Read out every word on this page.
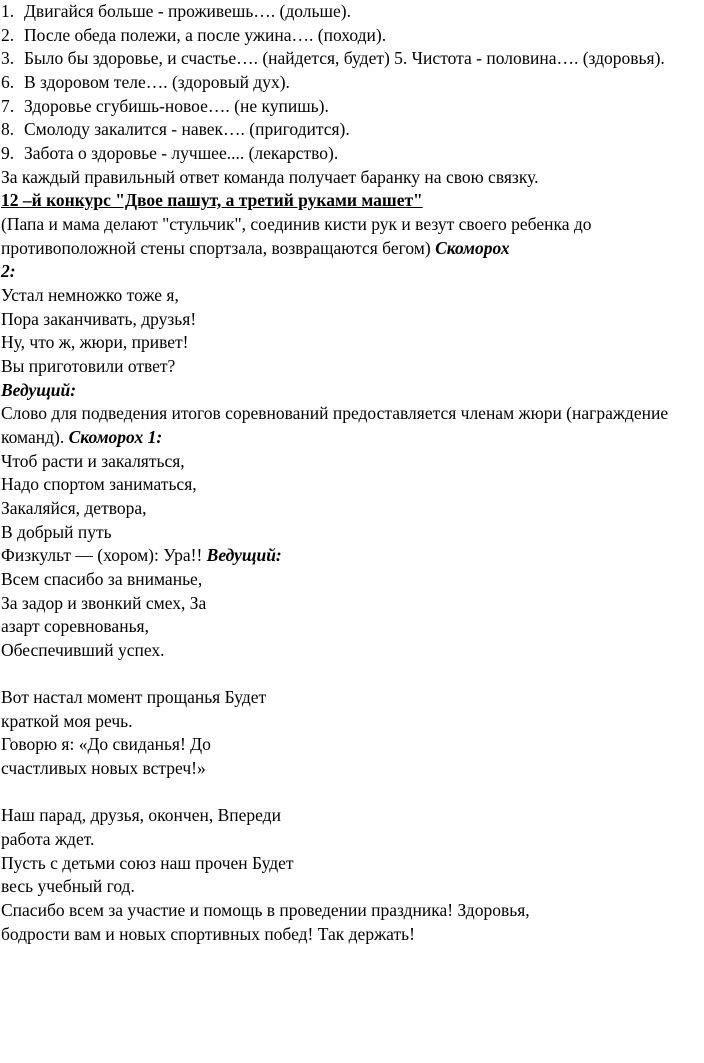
1. Двигайся больше - проживешь…. (дольше).
2. После обеда полежи, а после ужина…. (походи).
3. Было бы здоровье, и счастье…. (найдется, будет) 5. Чистота - половина…. (здоровья).
6. В здоровом теле…. (здоровый дух).
7. Здоровье сгубишь-новое…. (не купишь).
8. Смолоду закалится - навек…. (пригодится).
9. Забота о здоровье - лучшее.... (лекарство).
За каждый правильный ответ команда получает баранку на свою связку.
12 –й конкурс "Двое пашут, а третий руками машет"
(Папа и мама делают "стульчик", соединив кисти рук и везут своего ребенка до
противоположной стены спортзала, возвращаются бегом) Скоморох
2:
Устал немножко тоже я,
Пора заканчивать, друзья!
Ну, что ж, жюри, привет!
Вы приготовили ответ?
Ведущий:
Слово для подведения итогов соревнований предоставляется членам жюри (награждение
команд). Скоморох 1:
Чтоб расти и закаляться,
Надо спортом заниматься,
Закаляйся, детвора,
В добрый путь
Физкульт — (хором): Ура!! Ведущий:
Всем спасибо за вниманье,
За задор и звонкий смех, За
азарт соревнованья,
Обеспечивший успех.
Вот настал момент прощанья Будет
краткой моя речь.
Говорю я: «До свиданья! До
счастливых новых встреч!»
Наш парад, друзья, окончен, Впереди
работа ждет.
Пусть с детьми союз наш прочен Будет
весь учебный год.
Спасибо всем за участие и помощь в проведении праздника! Здоровья,
бодрости вам и новых спортивных побед! Так держать!
